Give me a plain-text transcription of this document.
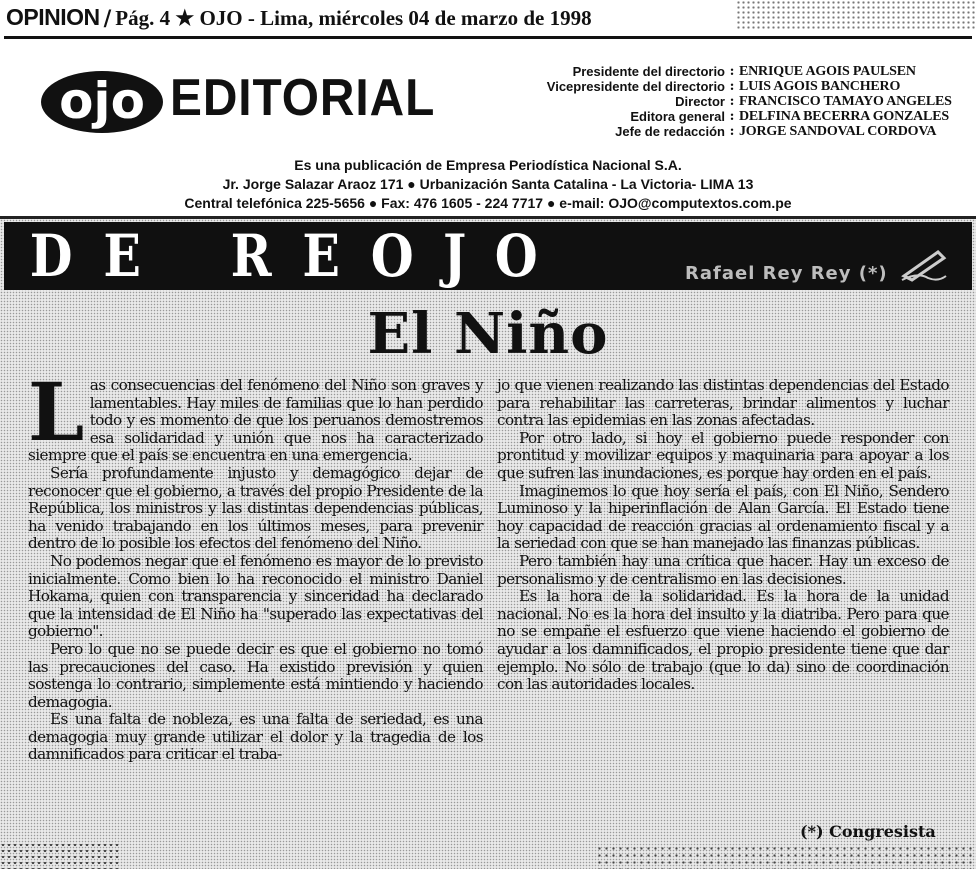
OPINION / Pág. 4 ★ OJO - Lima, miércoles 04 de marzo de 1998
ojo EDITORIAL	Presidente del directorio : ENRIQUE AGOIS PAULSEN
Vicepresidente del directorio : LUIS AGOIS BANCHERO
Director : FRANCISCO TAMAYO ANGELES
Editora general : DELFINA BECERRA GONZALES
Jefe de redacción : JORGE SANDOVAL CORDOVA
Es una publicación de Empresa Periodística Nacional S.A.
Jr. Jorge Salazar Araoz 171 ● Urbanización Santa Catalina - La Victoria- LIMA 13
Central telefónica 225-5656 ● Fax: 476 1605 - 224 7717 ● e-mail: OJO@computextos.com.pe
D E R E O J O	Rafael Rey Rey (*)
El Niño

Las consecuencias del fenómeno del Niño son graves y lamentables. Hay miles de familias que lo han perdido todo y es momento de que los peruanos demostremos esa solidaridad y unión que nos ha caracterizado siempre que el país se encuentra en una emergencia.

Sería profundamente injusto y demagógico dejar de reconocer que el gobierno, a través del propio Presidente de la República, los ministros y las distintas dependencias públicas, ha venido trabajando en los últimos meses, para prevenir dentro de lo posible los efectos del fenómeno del Niño.

No podemos negar que el fenómeno es mayor de lo previsto inicialmente. Como bien lo ha reconocido el ministro Daniel Hokama, quien con transparencia y sinceridad ha declarado que la intensidad de El Niño ha "superado las expectativas del gobierno".

Pero lo que no se puede decir es que el gobierno no tomó las precauciones del caso. Ha existido previsión y quien sostenga lo contrario, simplemente está mintiendo y haciendo demagogia.

Es una falta de nobleza, es una falta de seriedad, es una demagogia muy grande utilizar el dolor y la tragedia de los damnificados para criticar el traba-

jo que vienen realizando las distintas dependencias del Estado para rehabilitar las carreteras, brindar alimentos y luchar contra las epidemias en las zonas afectadas.

Por otro lado, si hoy el gobierno puede responder con prontitud y movilizar equipos y maquinaria para apoyar a los que sufren las inundaciones, es porque hay orden en el país.

Imaginemos lo que hoy sería el país, con El Niño, Sendero Luminoso y la hiperinflación de Alan García. El Estado tiene hoy capacidad de reacción gracias al ordenamiento fiscal y a la seriedad con que se han manejado las finanzas públicas.

Pero también hay una crítica que hacer. Hay un exceso de personalismo y de centralismo en las decisiones.

Es la hora de la solidaridad. Es la hora de la unidad nacional. No es la hora del insulto y la diatriba. Pero para que no se empañe el esfuerzo que viene haciendo el gobierno de ayudar a los damnificados, el propio presidente tiene que dar ejemplo. No sólo de trabajo (que lo da) sino de coordinación con las autoridades locales.

(*) Congresista
